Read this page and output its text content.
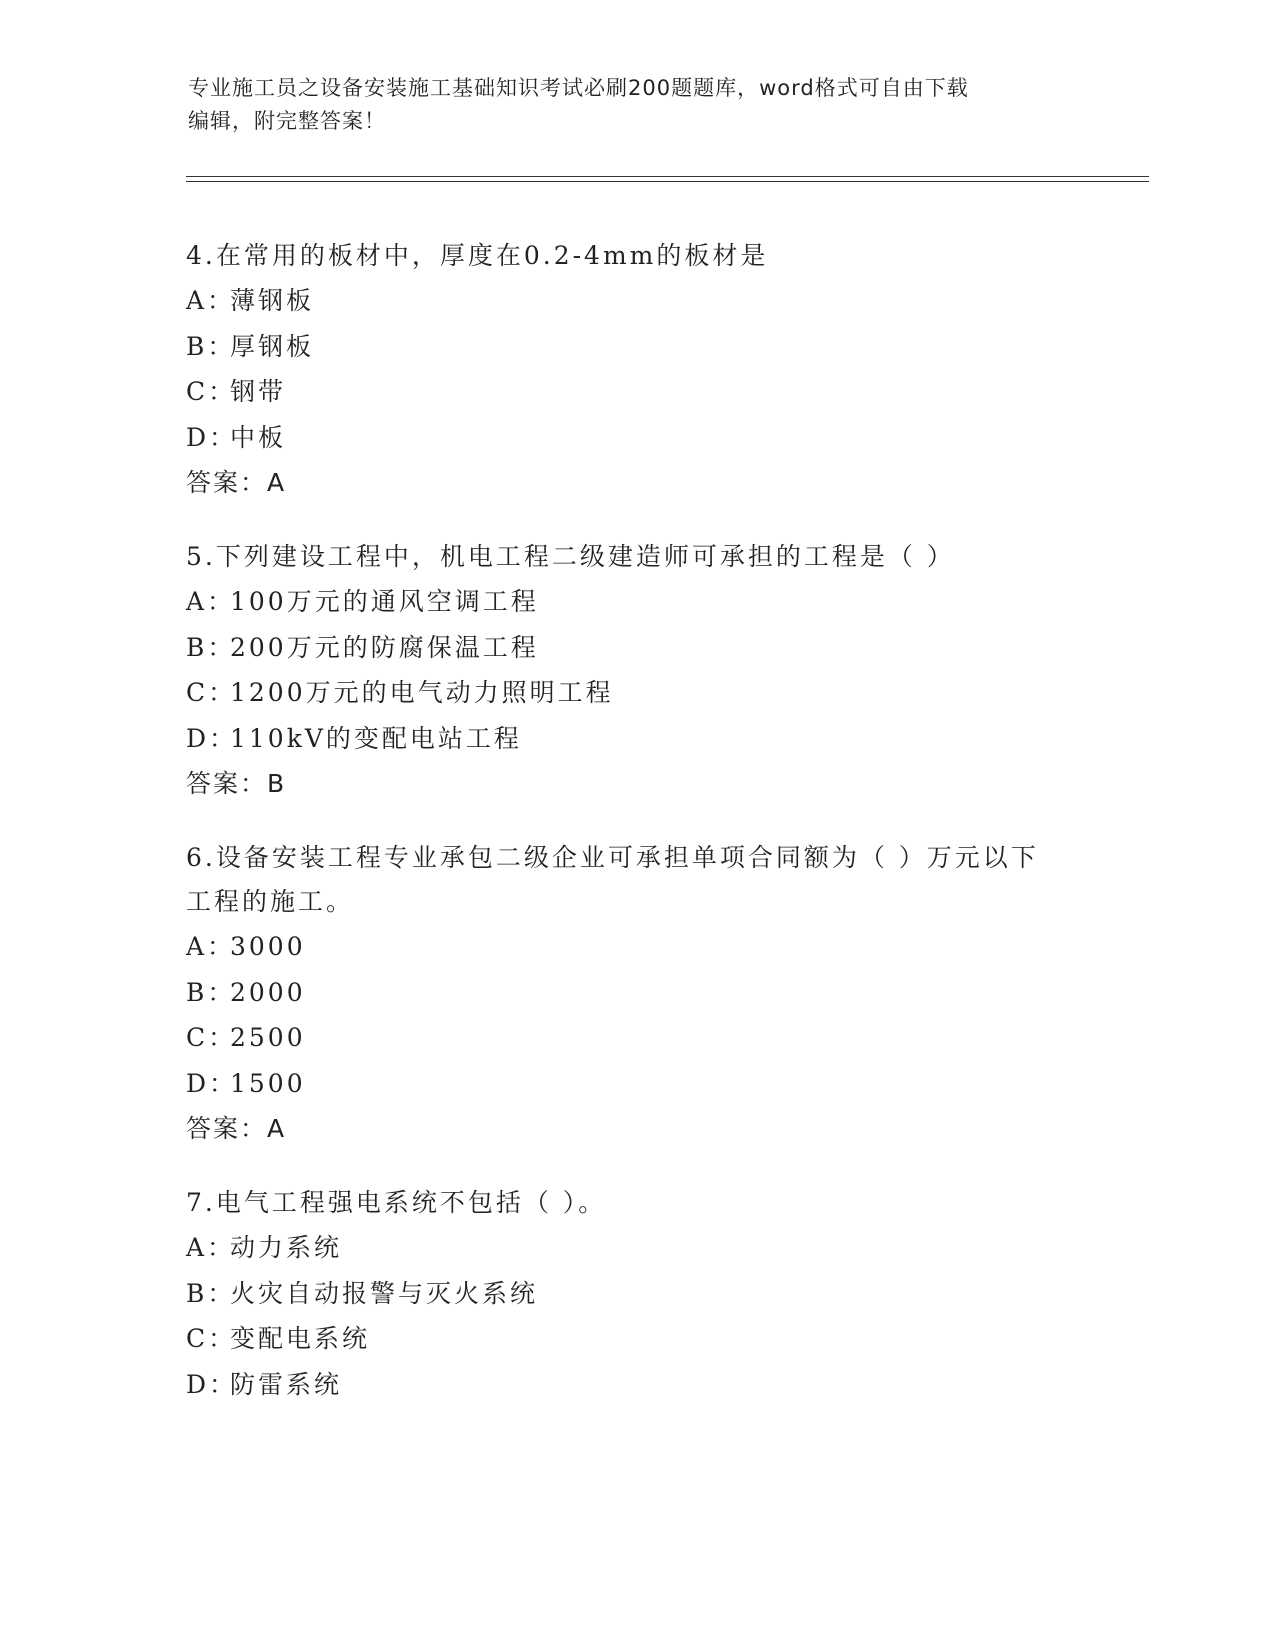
专业施工员之设备安装施工基础知识考试必刷200题题库，word格式可自由下载
编辑，附完整答案！
4.在常用的板材中，厚度在0.2-4mm的板材是
A：
薄钢板
B：
厚钢板
C：
钢带
D：
中板
答案：A
5.下列建设工程中，机电工程二级建造师可承担的工程是（ ）
A：
100万元的通风空调工程
B：
200万元的防腐保温工程
C：
1200万元的电气动力照明工程
D：
110kV的变配电站工程
答案：B
6.设备安装工程专业承包二级企业可承担单项合同额为（ ）万元以下工程的施工。
A：
3000
B：
2000
C：
2500
D：
1500
答案：A
7.电气工程强电系统不包括（ ）。
A：
动力系统
B：
火灾自动报警与灭火系统
C：
变配电系统
D：
防雷系统
